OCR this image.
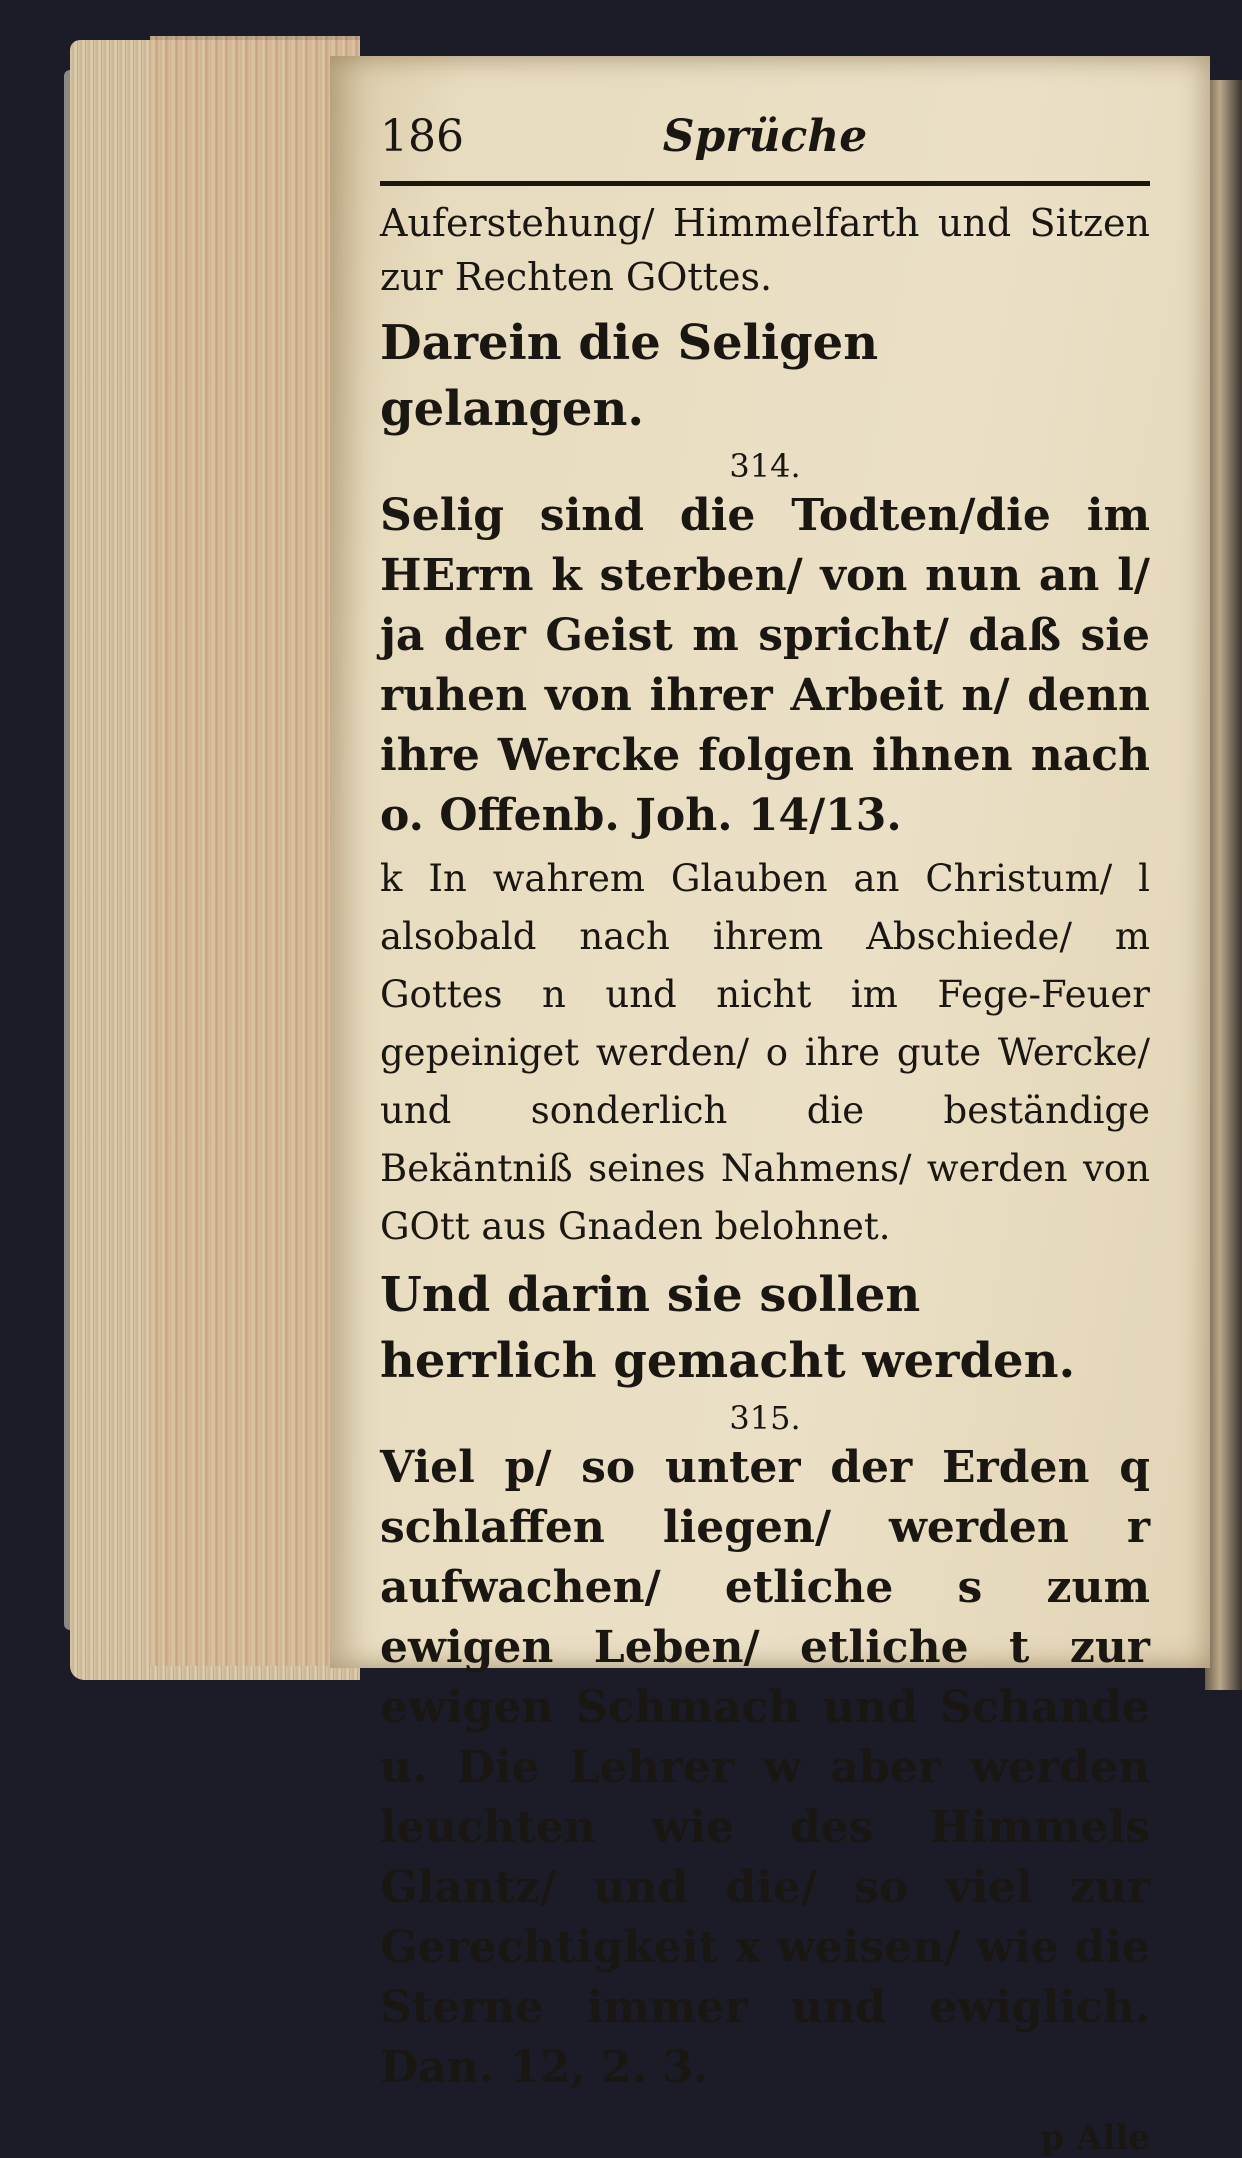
186	Sprüche

Auferstehung/ Himmelfarth und Sitzen zur Rechten GOttes.

Darein die Seligen gelangen.

314.

Selig sind die Todten/die im HErrn k sterben/ von nun an l/ ja der Geist m spricht/ daß sie ruhen von ihrer Arbeit n/ denn ihre Wercke folgen ihnen nach o. Offenb. Joh. 14/13.

k In wahrem Glauben an Christum/ l alsobald nach ihrem Abschiede/ m Gottes n und nicht im Fege-Feuer gepeiniget werden/ o ihre gute Wercke/ und sonderlich die beständige Bekäntniß seines Nahmens/ werden von GOtt aus Gnaden belohnet.

Und darin sie sollen herrlich gemacht werden.

315.

Viel p/ so unter der Erden q schlaffen liegen/ werden r aufwachen/ etliche s zum ewigen Leben/ etliche t zur ewigen Schmach und Schande u. Die Lehrer w aber werden leuchten wie des Himmels Glantz/ und die/ so viel zur Gerechtigkeit x weisen/ wie die Sterne immer und ewiglich. Dan. 12, 2. 3.

p Alle
